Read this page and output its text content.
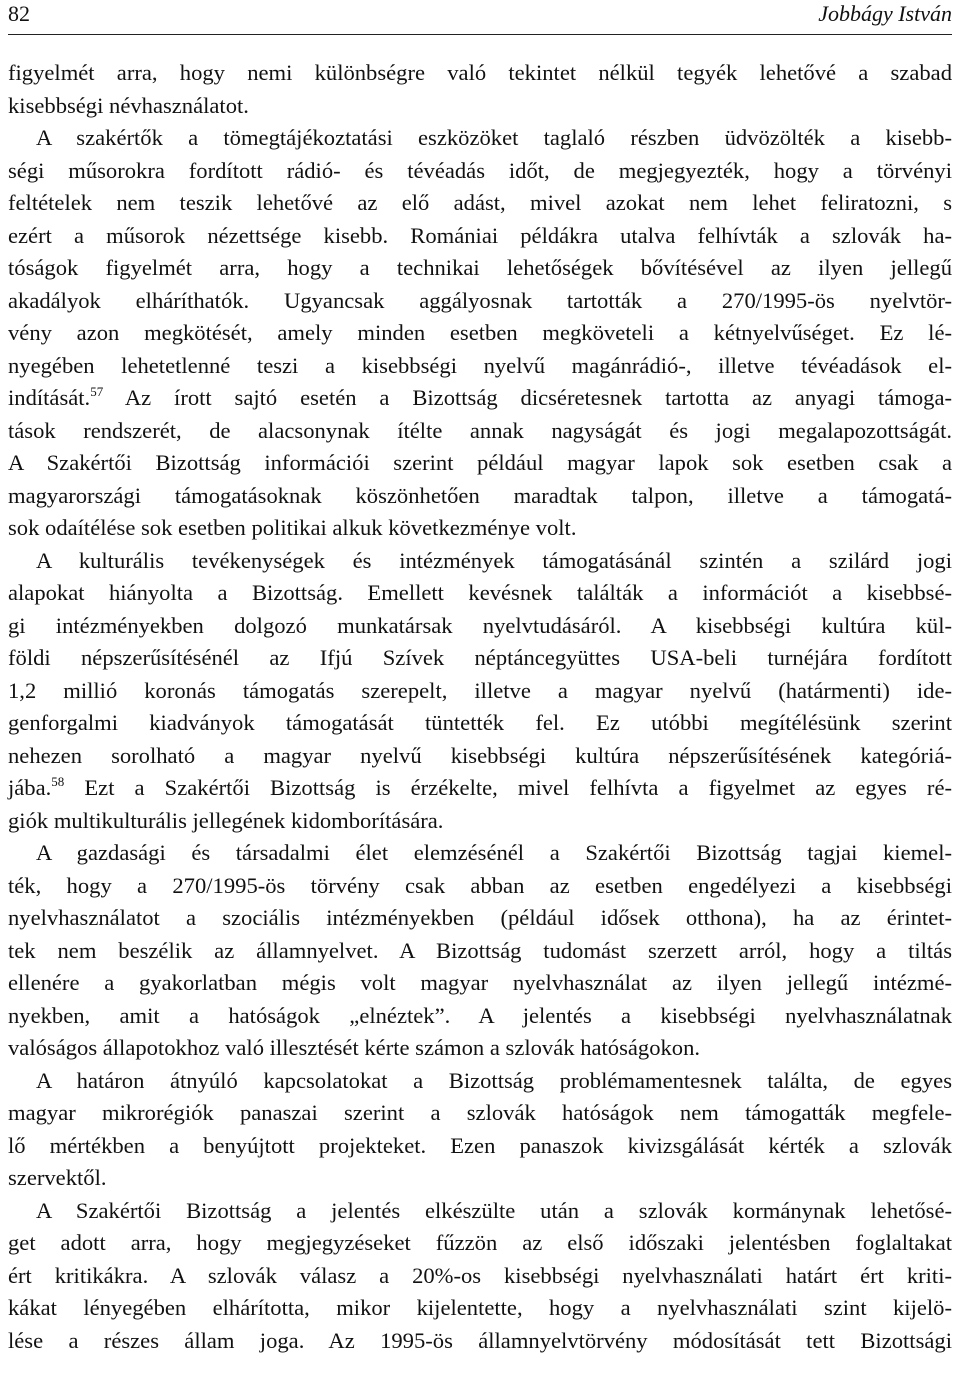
82	Jobbágy István
figyelmét arra, hogy nemi különbségre való tekintet nélkül tegyék lehetővé a szabad
kisebbségi névhasználatot.
A szakértők a tömegtájékoztatási eszközöket taglaló részben üdvözölték a kisebb-
ségi műsorokra fordított rádió- és tévéadás időt, de megjegyezték, hogy a törvényi
feltételek nem teszik lehetővé az elő adást, mivel azokat nem lehet feliratozni, s
ezért a műsorok nézettsége kisebb. Romániai példákra utalva felhívták a szlovák ha-
tóságok figyelmét arra, hogy a technikai lehetőségek bővítésével az ilyen jellegű
akadályok elháríthatók. Ugyancsak aggályosnak tartották a 270/1995-ös nyelvtör-
vény azon megkötését, amely minden esetben megköveteli a kétnyelvűséget. Ez lé-
nyegében lehetetlenné teszi a kisebbségi nyelvű magánrádió-, illetve tévéadások el-
indítását.$^{57}$ Az írott sajtó esetén a Bizottság dicséretesnek tartotta az anyagi támoga-
tások rendszerét, de alacsonynak ítélte annak nagyságát és jogi megalapozottságát.
A Szakértői Bizottság információi szerint például magyar lapok sok esetben csak a
magyarországi támogatásoknak köszönhetően maradtak talpon, illetve a támogatá-
sok odaítélése sok esetben politikai alkuk következménye volt.
A kulturális tevékenységek és intézmények támogatásánál szintén a szilárd jogi
alapokat hiányolta a Bizottság. Emellett kevésnek találták a információt a kisebbsé-
gi intézményekben dolgozó munkatársak nyelvtudásáról. A kisebbségi kultúra kül-
földi népszerűsítésénél az Ifjú Szívek néptáncegyüttes USA-beli turnéjára fordított
1,2 millió koronás támogatás szerepelt, illetve a magyar nyelvű (határmenti) ide-
genforgalmi kiadványok támogatását tüntették fel. Ez utóbbi megítélésünk szerint
nehezen sorolható a magyar nyelvű kisebbségi kultúra népszerűsítésének kategóriá-
jába.$^{58}$ Ezt a Szakértői Bizottság is érzékelte, mivel felhívta a figyelmet az egyes ré-
giók multikulturális jellegének kidomborítására.
A gazdasági és társadalmi élet elemzésénél a Szakértői Bizottság tagjai kiemel-
ték, hogy a 270/1995-ös törvény csak abban az esetben engedélyezi a kisebbségi
nyelvhasználatot a szociális intézményekben (például idősek otthona), ha az érintet-
tek nem beszélik az államnyelvet. A Bizottság tudomást szerzett arról, hogy a tiltás
ellenére a gyakorlatban mégis volt magyar nyelvhasználat az ilyen jellegű intézmé-
nyekben, amit a hatóságok „elnéztek”. A jelentés a kisebbségi nyelvhasználatnak
valóságos állapotokhoz való illesztését kérte számon a szlovák hatóságokon.
A határon átnyúló kapcsolatokat a Bizottság problémamentesnek találta, de egyes
magyar mikrorégiók panaszai szerint a szlovák hatóságok nem támogatták megfele-
lő mértékben a benyújtott projekteket. Ezen panaszok kivizsgálását kérték a szlovák
szervektől.
A Szakértői Bizottság a jelentés elkészülte után a szlovák kormánynak lehetősé-
get adott arra, hogy megjegyzéseket fűzzön az első időszaki jelentésben foglaltakat
ért kritikákra. A szlovák válasz a 20%-os kisebbségi nyelvhasználati határt ért kriti-
kákat lényegében elhárította, mikor kijelentette, hogy a nyelvhasználati szint kijelö-
lése a részes állam joga. Az 1995-ös államnyelvtörvény módosítását tett Bizottsági
